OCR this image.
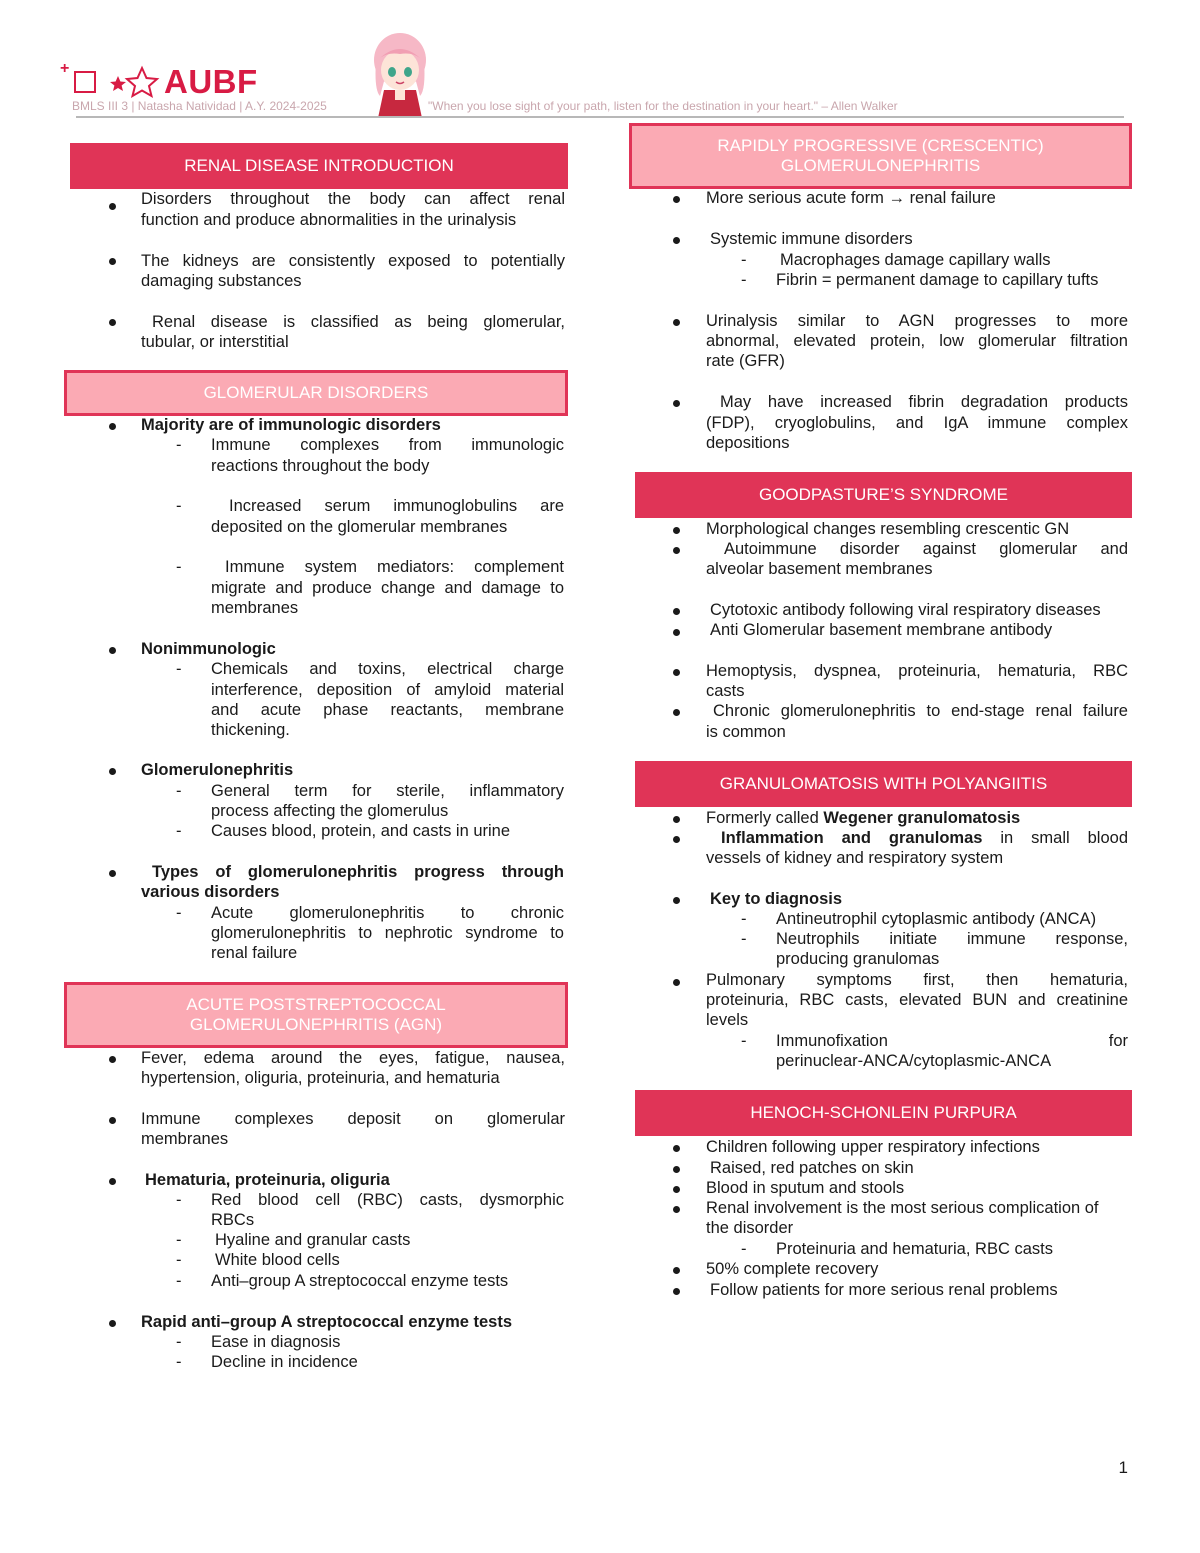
+	AUBF
BMLS III 3 | Natasha Natividad | A.Y. 2024-2025	"When you lose sight of your path, listen for the destination in your heart." – Allen Walker
RENAL DISEASE INTRODUCTION
Disorders throughout the body can affect renal
function and produce abnormalities in the urinalysis
The kidneys are consistently exposed to potentially
damaging substances
Renal disease is classified as being glomerular,
tubular, or interstitial
GLOMERULAR DISORDERS
Majority are of immunologic disorders
- Immune complexes from immunologic
reactions throughout the body
-	Increased serum immunoglobulins are
deposited on the glomerular membranes
-	Immune system mediators: complement
migrate and produce change and damage to
membranes
Nonimmunologic
- Chemicals and toxins, electrical charge
interference, deposition of amyloid material
and acute phase reactants, membrane
thickening.
Glomerulonephritis
- General term for sterile, inflammatory
process affecting the glomerulus
- Causes blood, protein, and casts in urine
Types of glomerulonephritis progress through
various disorders
- Acute glomerulonephritis to chronic
glomerulonephritis to nephrotic syndrome to
renal failure
ACUTE POSTSTREPTOCOCCAL
GLOMERULONEPHRITIS (AGN)
Fever, edema around the eyes, fatigue, nausea,
hypertension, oliguria, proteinuria, and hematuria
Immune complexes deposit on glomerular
membranes
Hematuria, proteinuria, oliguria
- Red blood cell (RBC) casts, dysmorphic
RBCs
- Hyaline and granular casts
- White blood cells
- Anti–group A streptococcal enzyme tests
Rapid anti–group A streptococcal enzyme tests
- Ease in diagnosis
- Decline in incidence
RAPIDLY PROGRESSIVE (CRESCENTIC)
GLOMERULONEPHRITIS
More serious acute form → renal failure
Systemic immune disorders
- Macrophages damage capillary walls
- Fibrin = permanent damage to capillary tufts
Urinalysis similar to AGN progresses to more
abnormal, elevated protein, low glomerular filtration
rate (GFR)
May have increased fibrin degradation products
(FDP), cryoglobulins, and IgA immune complex
depositions
GOODPASTURE’S SYNDROME
Morphological changes resembling crescentic GN
Autoimmune disorder against glomerular and
alveolar basement membranes
Cytotoxic antibody following viral respiratory diseases
Anti Glomerular basement membrane antibody
Hemoptysis, dyspnea, proteinuria, hematuria, RBC
casts
Chronic glomerulonephritis to end-stage renal failure
is common
GRANULOMATOSIS WITH POLYANGIITIS
Formerly called Wegener granulomatosis
Inflammation and granulomas in small blood
vessels of kidney and respiratory system
Key to diagnosis
- Antineutrophil cytoplasmic antibody (ANCA)
- Neutrophils initiate immune response,
producing granulomas
Pulmonary symptoms first, then hematuria,
proteinuria, RBC casts, elevated BUN and creatinine
levels
- Immunofixation for
perinuclear-ANCA/cytoplasmic-ANCA
HENOCH-SCHONLEIN PURPURA
Children following upper respiratory infections
Raised, red patches on skin
Blood in sputum and stools
Renal involvement is the most serious complication of
the disorder
- Proteinuria and hematuria, RBC casts
50% complete recovery
Follow patients for more serious renal problems
1
